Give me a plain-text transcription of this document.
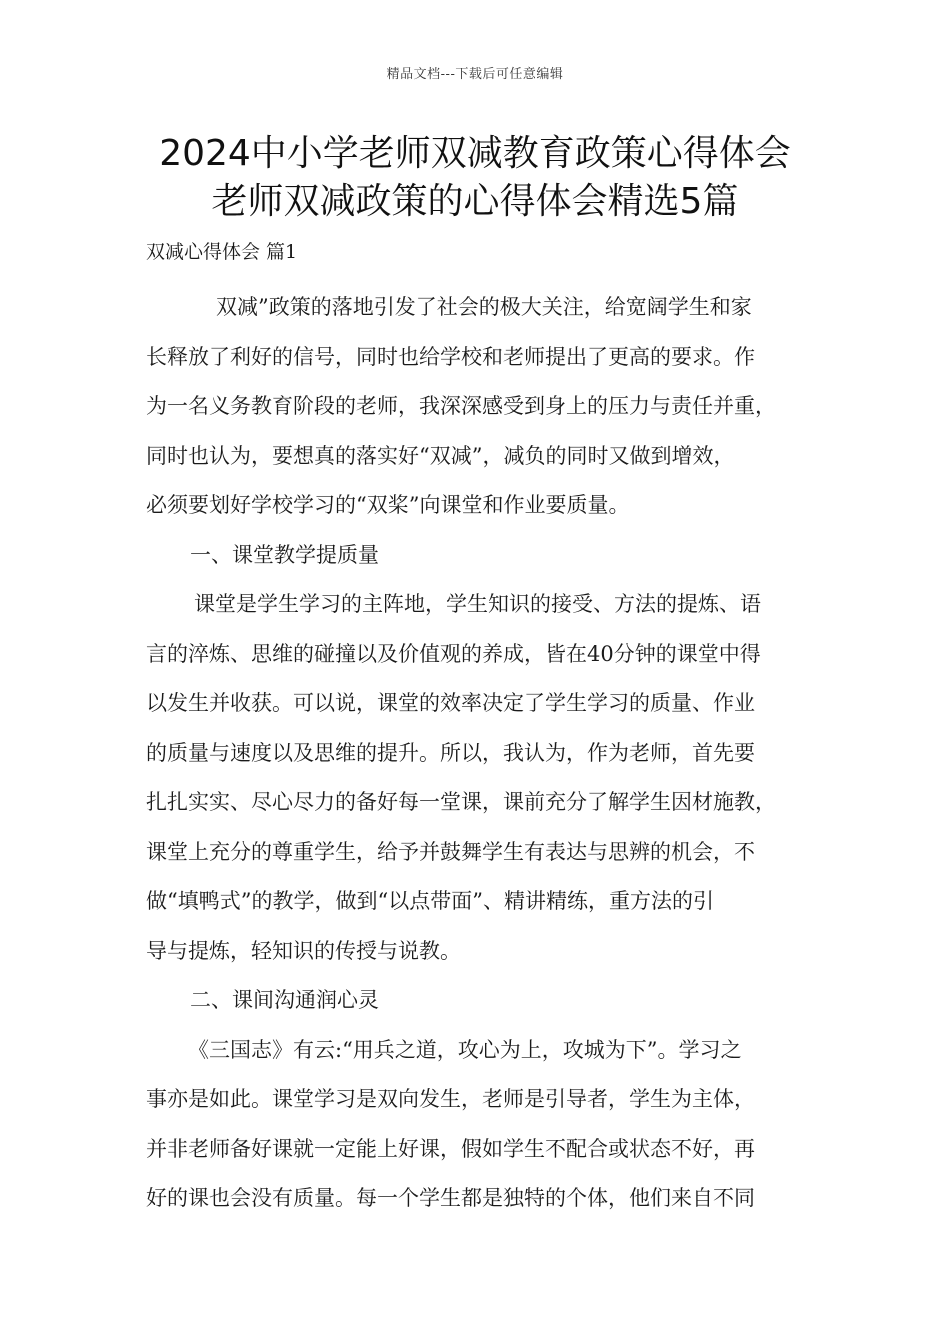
精品文档---下载后可任意编辑
2024中小学老师双减教育政策心得体会
老师双减政策的心得体会精选5篇
双减心得体会 篇1

双减”政策的落地引发了社会的极大关注，给宽阔学生和家

长释放了利好的信号，同时也给学校和老师提出了更高的要求。作

为一名义务教育阶段的老师，我深深感受到身上的压力与责任并重，

同时也认为，要想真的落实好“双减”，减负的同时又做到增效，

必须要划好学校学习的“双桨”向课堂和作业要质量。

一、课堂教学提质量

课堂是学生学习的主阵地，学生知识的接受、方法的提炼、语

言的淬炼、思维的碰撞以及价值观的养成，皆在40分钟的课堂中得

以发生并收获。可以说，课堂的效率决定了学生学习的质量、作业

的质量与速度以及思维的提升。所以，我认为，作为老师，首先要

扎扎实实、尽心尽力的备好每一堂课，课前充分了解学生因材施教，

课堂上充分的尊重学生，给予并鼓舞学生有表达与思辨的机会，不

做“填鸭式”的教学，做到“以点带面”、精讲精练，重方法的引

导与提炼，轻知识的传授与说教。

二、课间沟通润心灵

《三国志》有云:“用兵之道，攻心为上，攻城为下”。学习之

事亦是如此。课堂学习是双向发生，老师是引导者，学生为主体，

并非老师备好课就一定能上好课，假如学生不配合或状态不好，再

好的课也会没有质量。每一个学生都是独特的个体，他们来自不同
